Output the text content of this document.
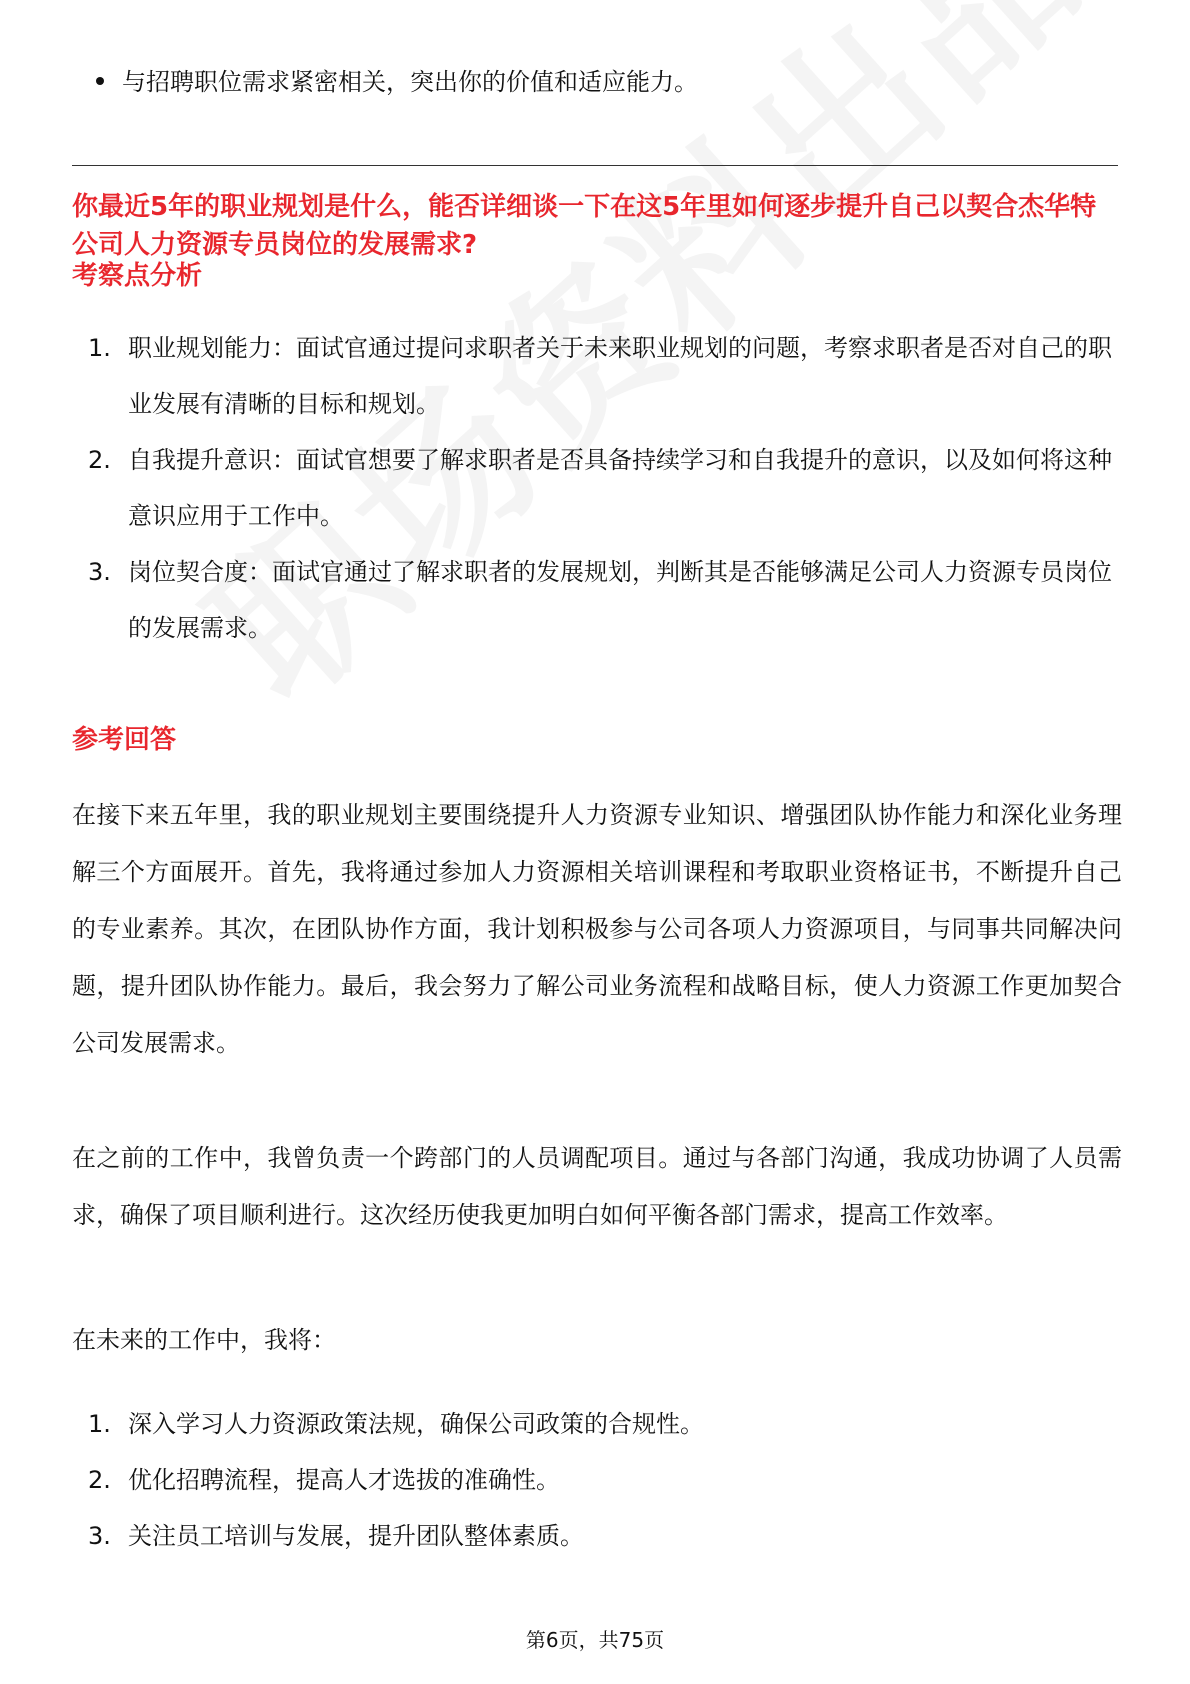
与招聘职位需求紧密相关，突出你的价值和适应能力。
你最近5年的职业规划是什么，能否详细谈一下在这5年里如何逐步提升自己以契合杰华特公司人力资源专员岗位的发展需求?
考察点分析
1. 职业规划能力：面试官通过提问求职者关于未来职业规划的问题，考察求职者是否对自己的职业发展有清晰的目标和规划。
2. 自我提升意识：面试官想要了解求职者是否具备持续学习和自我提升的意识，以及如何将这种意识应用于工作中。
3. 岗位契合度：面试官通过了解求职者的发展规划，判断其是否能够满足公司人力资源专员岗位的发展需求。
参考回答
在接下来五年里，我的职业规划主要围绕提升人力资源专业知识、增强团队协作能力和深化业务理解三个方面展开。首先，我将通过参加人力资源相关培训课程和考取职业资格证书，不断提升自己的专业素养。其次，在团队协作方面，我计划积极参与公司各项人力资源项目，与同事共同解决问题，提升团队协作能力。最后，我会努力了解公司业务流程和战略目标，使人力资源工作更加契合公司发展需求。
在之前的工作中，我曾负责一个跨部门的人员调配项目。通过与各部门沟通，我成功协调了人员需求，确保了项目顺利进行。这次经历使我更加明白如何平衡各部门需求，提高工作效率。
在未来的工作中，我将：
1. 深入学习人力资源政策法规，确保公司政策的合规性。
2. 优化招聘流程，提高人才选拔的准确性。
3. 关注员工培训与发展，提升团队整体素质。
第6页，共75页
